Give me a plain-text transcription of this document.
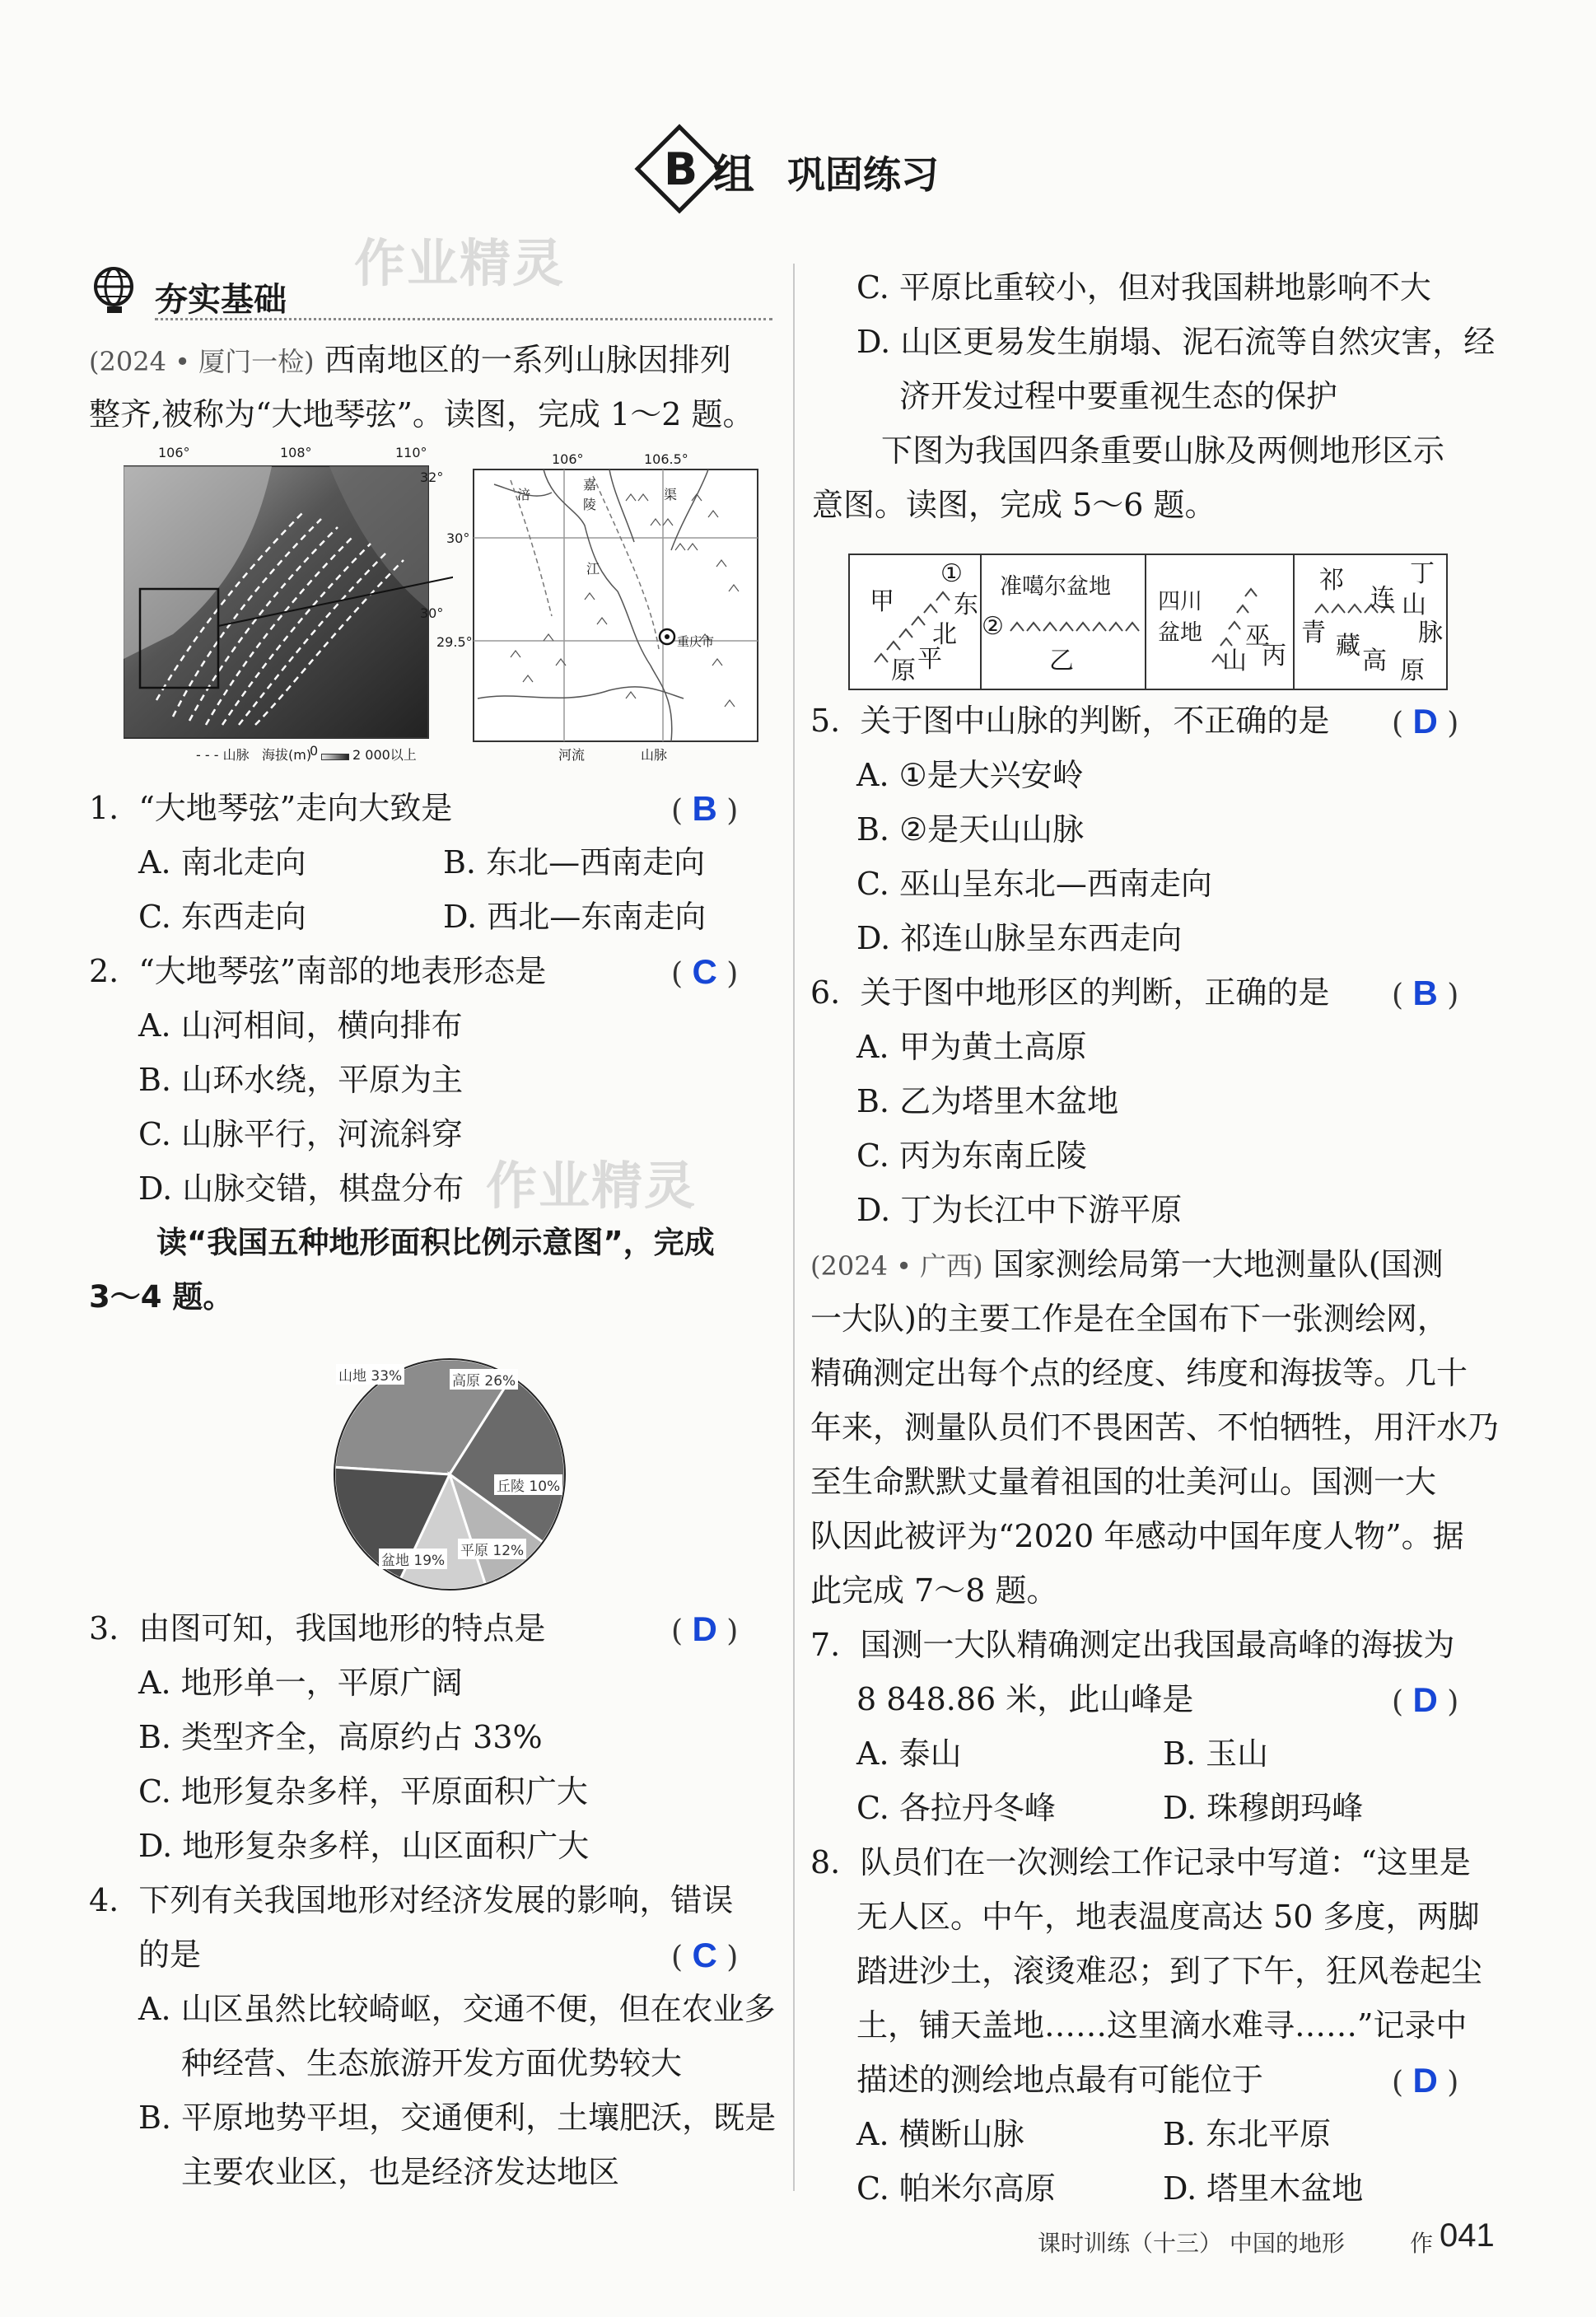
B 组 巩固练习
作业精灵
作业精灵
夯实基础
(2024 • 厦门一检) 西南地区的一系列山脉因排列
整齐,被称为“大地琴弦”。读图，完成 1～2 题。
106°	108°	110°
32°
30°
- - - 山脉 海拔(m)
0	2 000以上
106°	106.5°
30°
29.5°
涪
嘉
陵
渠
江
重庆市
河流	山脉
1. “大地琴弦”走向大致是	( B )
A. 南北走向	B. 东北—西南走向
C. 东西走向	D. 西北—东南走向
2. “大地琴弦”南部的地表形态是	( C )
A. 山河相间，横向排布
B. 山环水绕，平原为主
C. 山脉平行，河流斜穿
D. 山脉交错，棋盘分布
读“我国五种地形面积比例示意图”，完成
3～4 题。
山地 33%	高原 26%
丘陵 10%
平原 12%
盆地 19%
3. 由图可知，我国地形的特点是	( D )
A. 地形单一，平原广阔
B. 类型齐全，高原约占 33%
C. 地形复杂多样，平原面积广大
D. 地形复杂多样，山区面积广大
4. 下列有关我国地形对经济发展的影响，错误
的是	( C )
A. 山区虽然比较崎岖，交通不便，但在农业多
种经营、生态旅游开发方面优势较大
B. 平原地势平坦，交通便利，土壤肥沃，既是
主要农业区，也是经济发达地区
C. 平原比重较小，但对我国耕地影响不大
D. 山区更易发生崩塌、泥石流等自然灾害，经
济开发过程中要重视生态的保护
下图为我国四条重要山脉及两侧地形区示
意图。读图，完成 5～6 题。
甲
①
东
北
平
原
准噶尔盆地
②
乙
四川
盆地 巫
山 丙
祁
连
丁
山
脉
青 藏
高 原
5. 关于图中山脉的判断，不正确的是 ( D )
A. ①是大兴安岭
B. ②是天山山脉
C. 巫山呈东北—西南走向
D. 祁连山脉呈东西走向
6. 关于图中地形区的判断，正确的是 ( B )
A. 甲为黄土高原
B. 乙为塔里木盆地
C. 丙为东南丘陵
D. 丁为长江中下游平原
(2024 • 广西) 国家测绘局第一大地测量队(国测
一大队)的主要工作是在全国布下一张测绘网，
精确测定出每个点的经度、纬度和海拔等。几十
年来，测量队员们不畏困苦、不怕牺牲，用汗水乃
至生命默默丈量着祖国的壮美河山。国测一大
队因此被评为“2020 年感动中国年度人物”。据
此完成 7～8 题。
7. 国测一大队精确测定出我国最高峰的海拔为
8 848.86 米，此山峰是	( D )
A. 泰山	B. 玉山
C. 各拉丹冬峰	D. 珠穆朗玛峰
8. 队员们在一次测绘工作记录中写道：“这里是
无人区。中午，地表温度高达 50 多度，两脚
踏进沙土，滚烫难忍；到了下午，狂风卷起尘
土，铺天盖地……这里滴水难寻……”记录中
描述的测绘地点最有可能位于	( D )
A. 横断山脉	B. 东北平原
C. 帕米尔高原	D. 塔里木盆地
课时训练（十三） 中国的地形	作 041
